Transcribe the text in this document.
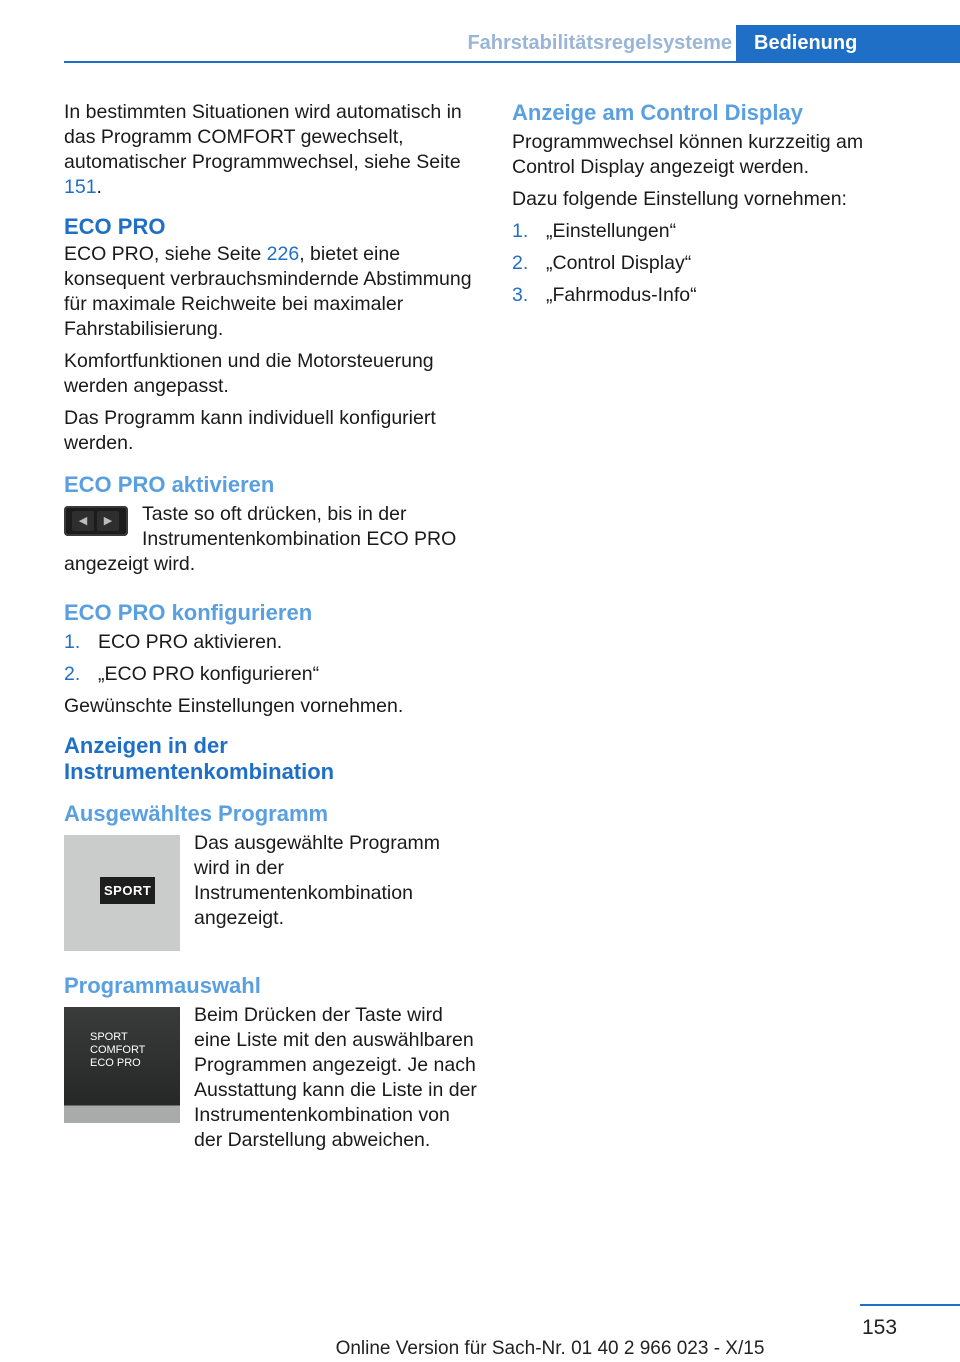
Fahrstabilitätsregelsysteme	Bedienung

In bestimmten Situationen wird automatisch in das Programm COMFORT gewechselt, automatischer Programmwechsel, siehe Seite 151.

ECO PRO

ECO PRO, siehe Seite 226, bietet eine konsequent verbrauchsmindernde Abstimmung für maximale Reichweite bei maximaler Fahrstabilisierung.

Komfortfunktionen und die Motorsteuerung werden angepasst.

Das Programm kann individuell konfiguriert werden.

ECO PRO aktivieren
◀	▶	Taste so oft drücken, bis in der Instrumentenkombination ECO PRO angezeigt wird.

ECO PRO konfigurieren
1. ECO PRO aktivieren.
2. „ECO PRO konfigurieren“

Gewünschte Einstellungen vornehmen.

Anzeigen in der Instrumentenkombination
Ausgewähltes Programm
SPORT

Das ausgewählte Programm wird in der Instrumentenkombination angezeigt.

Programmauswahl
SPORT
COMFORT
ECO PRO

Beim Drücken der Taste wird eine Liste mit den auswählbaren Programmen angezeigt. Je nach Ausstattung kann die Liste in der Instrumentenkombination von der Darstellung abweichen.

Anzeige am Control Display

Programmwechsel können kurzzeitig am Control Display angezeigt werden.

Dazu folgende Einstellung vornehmen:

1. „Einstellungen“
2. „Control Display“
3. „Fahrmodus-Info“
153
Online Version für Sach-Nr. 01 40 2 966 023 - X/15
